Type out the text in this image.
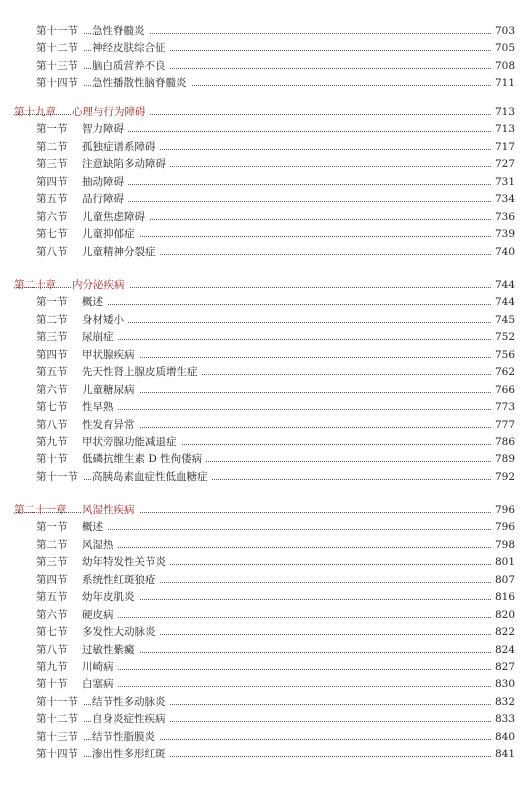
第十一节 急性脊髓炎	703
第十二节 神经皮肤综合征	705
第十三节 脑白质营养不良	708
第十四节 急性播散性脑脊髓炎	711
第十九章 心理与行为障碍	713
第一节 智力障碍	713
第二节 孤独症谱系障碍	717
第三节 注意缺陷多动障碍	727
第四节 抽动障碍	731
第五节 品行障碍	734
第六节 儿童焦虑障碍	736
第七节 儿童抑郁症	739
第八节 儿童精神分裂症	740
第二十章 内分泌疾病	744
第一节 概述	744
第二节 身材矮小	745
第三节 尿崩症	752
第四节 甲状腺疾病	756
第五节 先天性肾上腺皮质增生症	762
第六节 儿童糖尿病	766
第七节 性早熟	773
第八节 性发育异常	777
第九节 甲状旁腺功能减退症	786
第十节 低磷抗维生素 D 性佝偻病	789
第十一节 高胰岛素血症性低血糖症	792
第二十一章 风湿性疾病	796
第一节 概述	796
第二节 风湿热	798
第三节 幼年特发性关节炎	801
第四节 系统性红斑狼疮	807
第五节 幼年皮肌炎	816
第六节 硬皮病	820
第七节 多发性大动脉炎	822
第八节 过敏性紫癜	824
第九节 川崎病	827
第十节 白塞病	830
第十一节 结节性多动脉炎	832
第十二节 自身炎症性疾病	833
第十三节 结节性脂膜炎	840
第十四节 渗出性多形红斑	841
